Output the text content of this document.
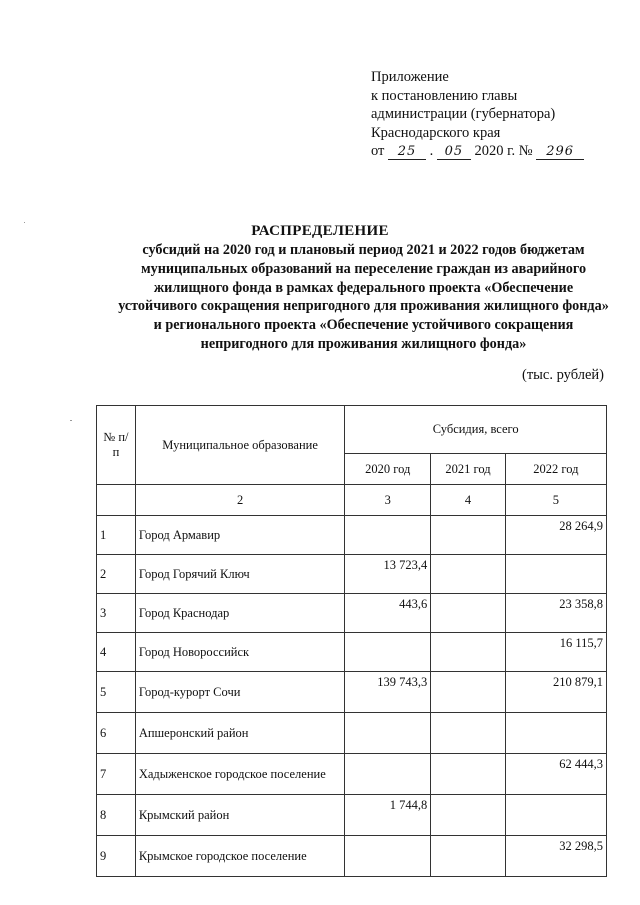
Приложение
к постановлению главы
администрации (губернатора)
Краснодарского края
от 25 . 05 2020 г. № 296
РАСПРЕДЕЛЕНИЕ
субсидий на 2020 год и плановый период 2021 и 2022 годов бюджетам муниципальных образований на переселение граждан из аварийного жилищного фонда в рамках федерального проекта «Обеспечение устойчивого сокращения непригодного для проживания жилищного фонда» и регионального проекта «Обеспечение устойчивого сокращения непригодного для проживания жилищного фонда»
(тыс. рублей)
№ п/п	Муниципальное образование	Субсидия, всего		
		2020 год	2021 год	2022 год
	2	3	4	5
1	Город Армавир			28 264,9
2	Город Горячий Ключ	13 723,4		
3	Город Краснодар	443,6		23 358,8
4	Город Новороссийск			16 115,7
5	Город-курорт Сочи	139 743,3		210 879,1
6	Апшеронский район			
7	Хадыженское городское поселение			62 444,3
8	Крымский район	1 744,8		
9	Крымское городское поселение			32 298,5
